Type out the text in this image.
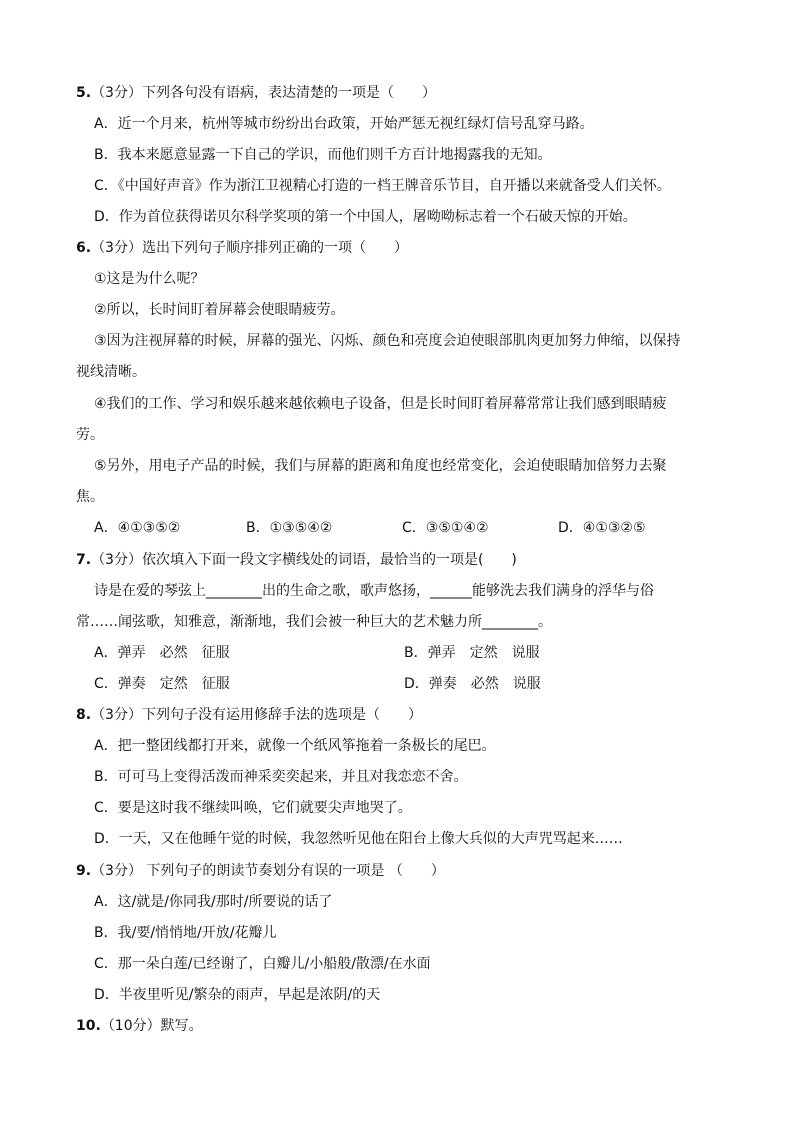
5.（3分）下列各句没有语病，表达清楚的一项是（　　）
A．近一个月来，杭州等城市纷纷出台政策，开始严惩无视红绿灯信号乱穿马路。
B．我本来愿意显露一下自己的学识，而他们则千方百计地揭露我的无知。
C．《中国好声音》作为浙江卫视精心打造的一档王牌音乐节目，自开播以来就备受人们关怀。
D．作为首位获得诺贝尔科学奖项的第一个中国人，屠呦呦标志着一个石破天惊的开始。
6.（3分）选出下列句子顺序排列正确的一项（　　）
①这是为什么呢？
②所以，长时间盯着屏幕会使眼睛疲劳。
③因为注视屏幕的时候，屏幕的强光、闪烁、颜色和亮度会迫使眼部肌肉更加努力伸缩，以保持
视线清晰。
④我们的工作、学习和娱乐越来越依赖电子设备，但是长时间盯着屏幕常常让我们感到眼睛疲
劳。
⑤另外，用电子产品的时候，我们与屏幕的距离和角度也经常变化，会迫使眼睛加倍努力去聚
焦。
A．④①③⑤②	B．①③⑤④②	C．③⑤①④②	D．④①③②⑤
7.（3分）依次填入下面一段文字横线处的词语，最恰当的一项是(　　)
诗是在爱的琴弦上________出的生命之歌，歌声悠扬，______能够洗去我们满身的浮华与俗
常……闻弦歌，知雅意，渐渐地，我们会被一种巨大的艺术魅力所________。
A．弹弄　必然　征服	B．弹弄　定然　说服
C．弹奏　定然　征服	D．弹奏　必然　说服
8.（3分）下列句子没有运用修辞手法的选项是（　　）
A．把一整团线都打开来，就像一个纸风筝拖着一条极长的尾巴。
B．可可马上变得活泼而神采奕奕起来，并且对我恋恋不舍。
C．要是这时我不继续叫唤，它们就要尖声地哭了。
D．一天，又在他睡午觉的时候，我忽然听见他在阳台上像大兵似的大声咒骂起来……
9.（3分） 下列句子的朗读节奏划分有误的一项是 （　　）
A．这/就是/你同我/那时/所要说的话了
B．我/要/悄悄地/开放/花瓣儿
C．那一朵白莲/已经谢了，白瓣儿/小船般/散漂/在水面
D．半夜里听见/繁杂的雨声，早起是浓阴/的天
10.（10分）默写。
